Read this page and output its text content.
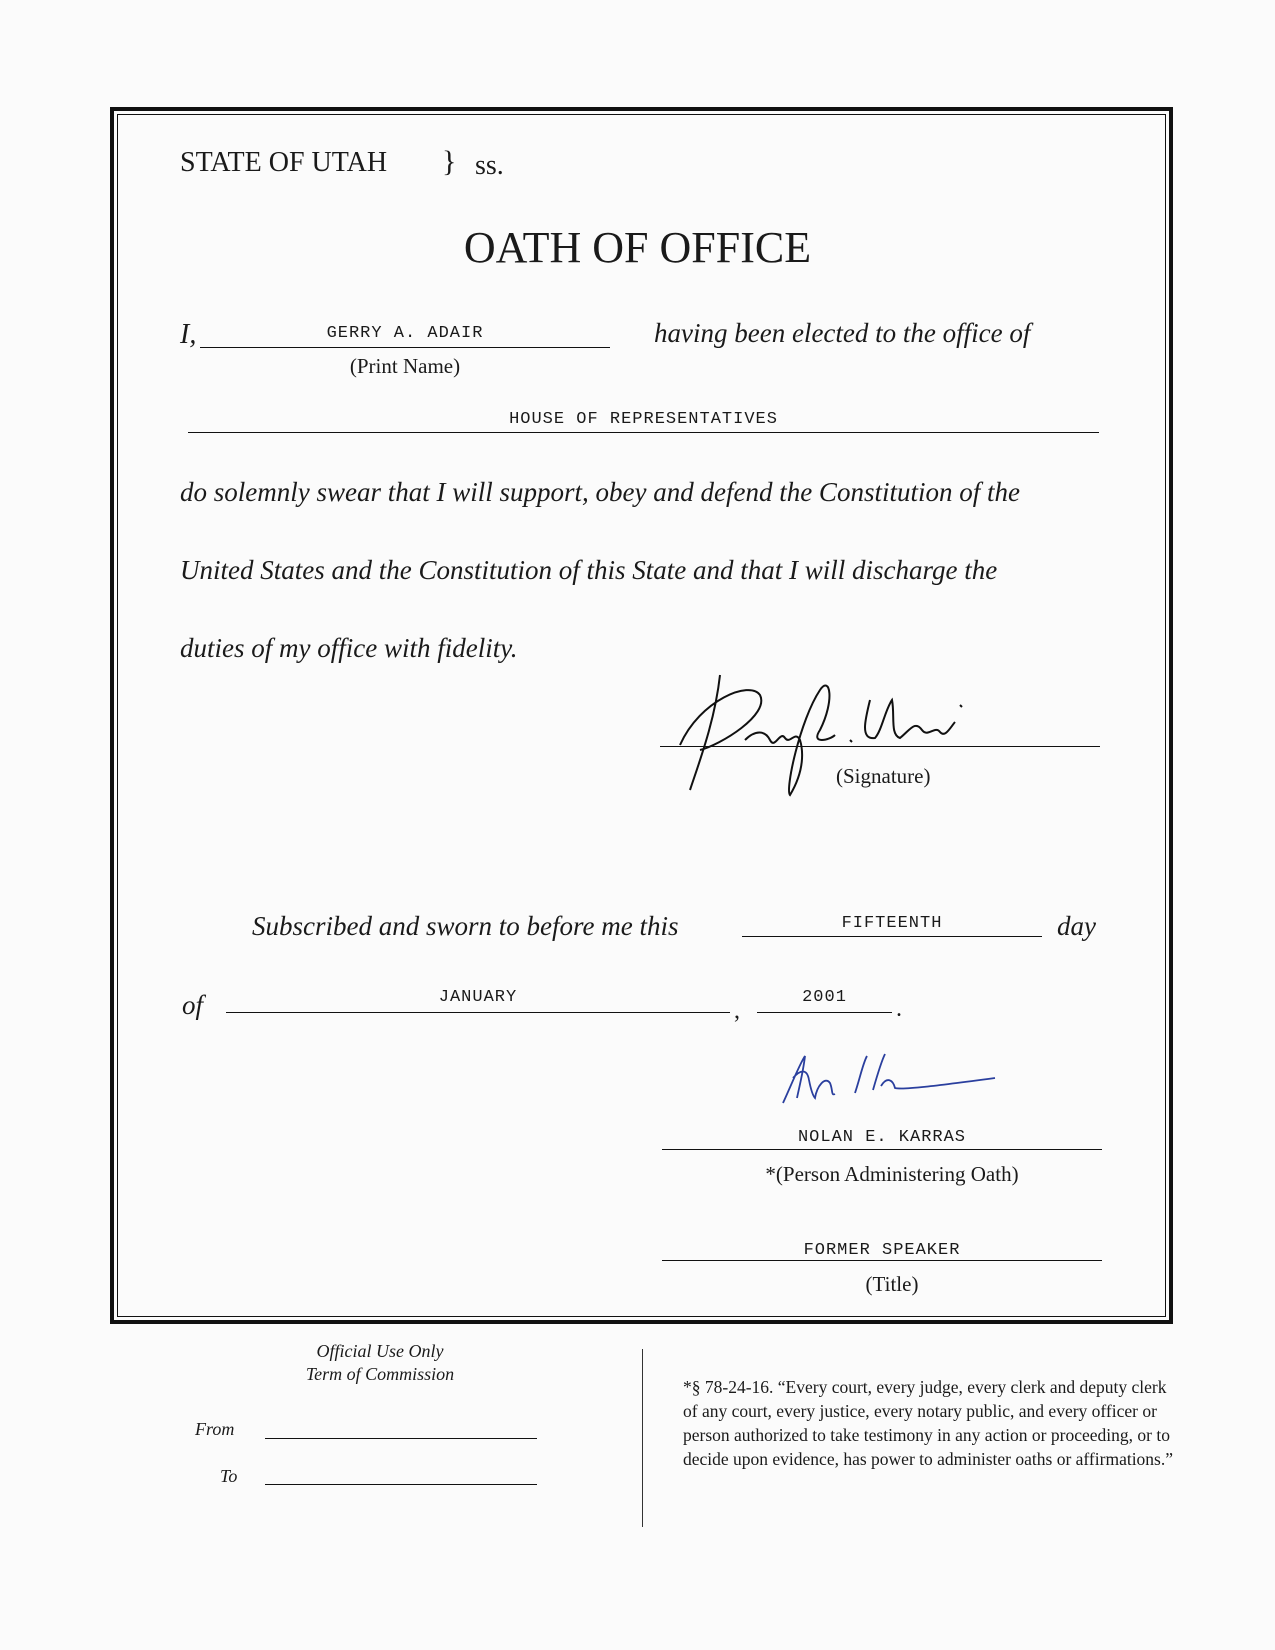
STATE OF UTAH } ss.
OATH OF OFFICE
I,	GERRY A. ADAIR
(Print Name)
having been elected to the office of
HOUSE OF REPRESENTATIVES
do solemnly swear that I will support, obey and defend the Constitution of the
United States and the Constitution of this State and that I will discharge the
duties of my office with fidelity.
(Signature)
Subscribed and sworn to before me this	FIFTEENTH	day
of	JANUARY
,
2001	.
NOLAN E. KARRAS
*(Person Administering Oath)
FORMER SPEAKER
(Title)
Official Use Only
Term of Commission
From
To
*§ 78-24-16. “Every court, every judge, every clerk and deputy clerk of any court, every justice, every notary public, and every officer or person authorized to take testimony in any action or proceeding, or to decide upon evidence, has power to administer oaths or affirmations.”
